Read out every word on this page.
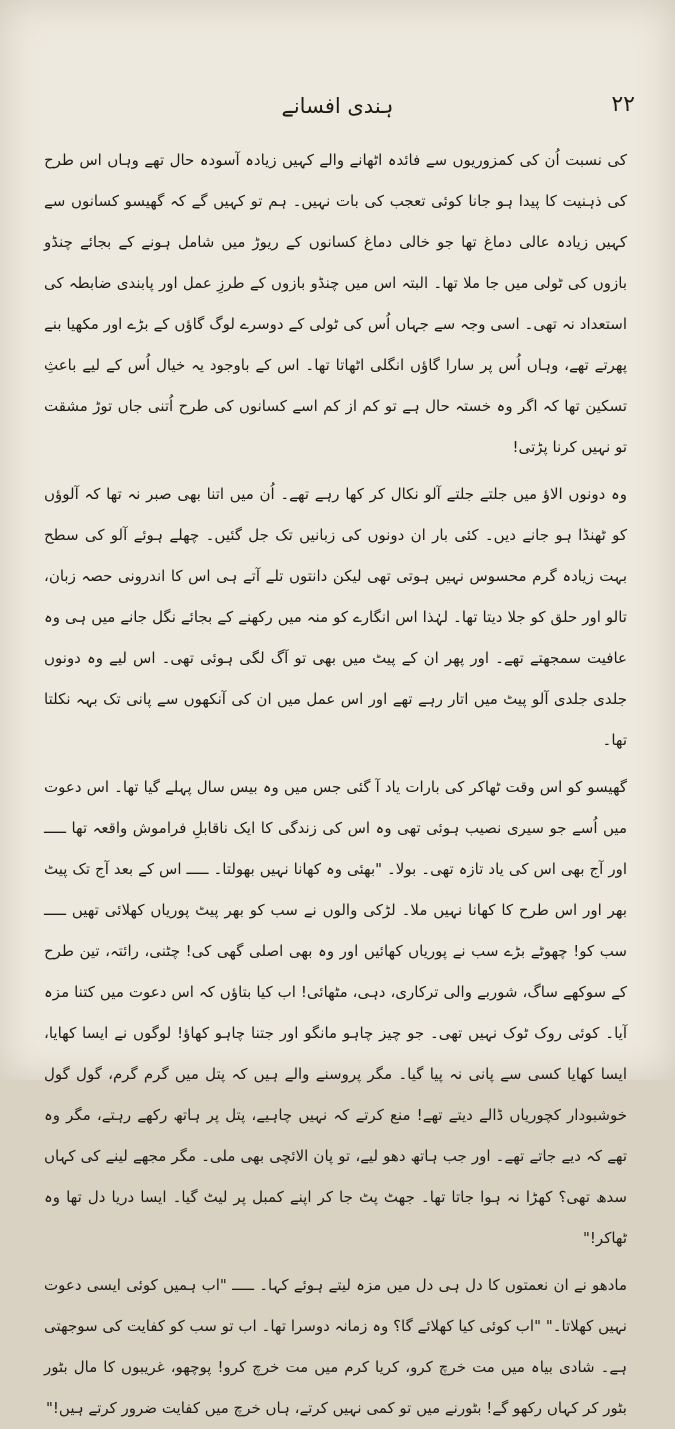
۲۲
ہندی افسانے

کی نسبت اُن کی کمزوریوں سے فائدہ اٹھانے والے کہیں زیادہ آسودہ حال تھے وہاں اس طرح کی ذہنیت کا پیدا ہو جانا کوئی تعجب کی بات نہیں۔ ہم تو کہیں گے کہ گھیسو کسانوں سے کہیں زیادہ عالی دماغ تھا جو خالی دماغ کسانوں کے ریوڑ میں شامل ہونے کے بجائے چنڈو بازوں کی ٹولی میں جا ملا تھا۔ البتہ اس میں چنڈو بازوں کے طرزِ عمل اور پابندی ضابطہ کی استعداد نہ تھی۔ اسی وجہ سے جہاں اُس کی ٹولی کے دوسرے لوگ گاؤں کے بڑے اور مکھیا بنے پھرتے تھے، وہاں اُس پر سارا گاؤں انگلی اٹھاتا تھا۔ اس کے باوجود یہ خیال اُس کے لیے باعثِ تسکین تھا کہ اگر وہ خستہ حال ہے تو کم از کم اسے کسانوں کی طرح اُتنی جاں توڑ مشقت تو نہیں کرنا پڑتی!

وہ دونوں الاؤ میں جلتے جلتے آلو نکال کر کھا رہے تھے۔ اُن میں اتنا بھی صبر نہ تھا کہ آلوؤں کو ٹھنڈا ہو جانے دیں۔ کئی بار ان دونوں کی زبانیں تک جل گئیں۔ چھلے ہوئے آلو کی سطح بہت زیادہ گرم محسوس نہیں ہوتی تھی لیکن دانتوں تلے آتے ہی اس کا اندرونی حصہ زبان، تالو اور حلق کو جلا دیتا تھا۔ لہٰذا اس انگارے کو منہ میں رکھنے کے بجائے نگل جانے میں ہی وہ عافیت سمجھتے تھے۔ اور پھر ان کے پیٹ میں بھی تو آگ لگی ہوئی تھی۔ اس لیے وہ دونوں جلدی جلدی آلو پیٹ میں اتار رہے تھے اور اس عمل میں ان کی آنکھوں سے پانی تک بہہ نکلتا تھا۔

گھیسو کو اس وقت ٹھاکر کی بارات یاد آ گئی جس میں وہ بیس سال پہلے گیا تھا۔ اس دعوت میں اُسے جو سیری نصیب ہوئی تھی وہ اس کی زندگی کا ایک ناقابلِ فراموش واقعہ تھا ـــــ اور آج بھی اس کی یاد تازہ تھی۔ بولا۔ "بھئی وہ کھانا نہیں بھولتا۔ ـــــ اس کے بعد آج تک پیٹ بھر اور اس طرح کا کھانا نہیں ملا۔ لڑکی والوں نے سب کو بھر پیٹ پوریاں کھلائی تھیں ـــــ سب کو! چھوٹے بڑے سب نے پوریاں کھائیں اور وہ بھی اصلی گھی کی! چٹنی، رائتہ، تین طرح کے سوکھے ساگ، شوربے والی ترکاری، دہی، مٹھائی! اب کیا بتاؤں کہ اس دعوت میں کتنا مزہ آیا۔ کوئی روک ٹوک نہیں تھی۔ جو چیز چاہو مانگو اور جتنا چاہو کھاؤ! لوگوں نے ایسا کھایا، ایسا کھایا کسی سے پانی نہ پیا گیا۔ مگر پروسنے والے ہیں کہ پتل میں گرم گرم، گول گول خوشبودار کچوریاں ڈالے دیتے تھے! منع کرتے کہ نہیں چاہیے، پتل پر ہاتھ رکھے رہتے، مگر وہ تھے کہ دیے جاتے تھے۔ اور جب ہاتھ دھو لیے، تو پان الائچی بھی ملی۔ مگر مجھے لینے کی کہاں سدھ تھی؟ کھڑا نہ ہوا جاتا تھا۔ جھٹ پٹ جا کر اپنے کمبل پر لیٹ گیا۔ ایسا دریا دل تھا وہ ٹھاکر!"

مادھو نے ان نعمتوں کا دل ہی دل میں مزہ لیتے ہوئے کہا۔ ـــــ "اب ہمیں کوئی ایسی دعوت نہیں کھلاتا۔" "اب کوئی کیا کھلائے گا؟ وہ زمانہ دوسرا تھا۔ اب تو سب کو کفایت کی سوجھتی ہے۔ شادی بیاہ میں مت خرچ کرو، کریا کرم میں مت خرچ کرو! پوچھو، غریبوں کا مال بٹور بٹور کر کہاں رکھو گے! بٹورنے میں تو کمی نہیں کرتے، ہاں خرچ میں کفایت ضرور کرتے ہیں!"
